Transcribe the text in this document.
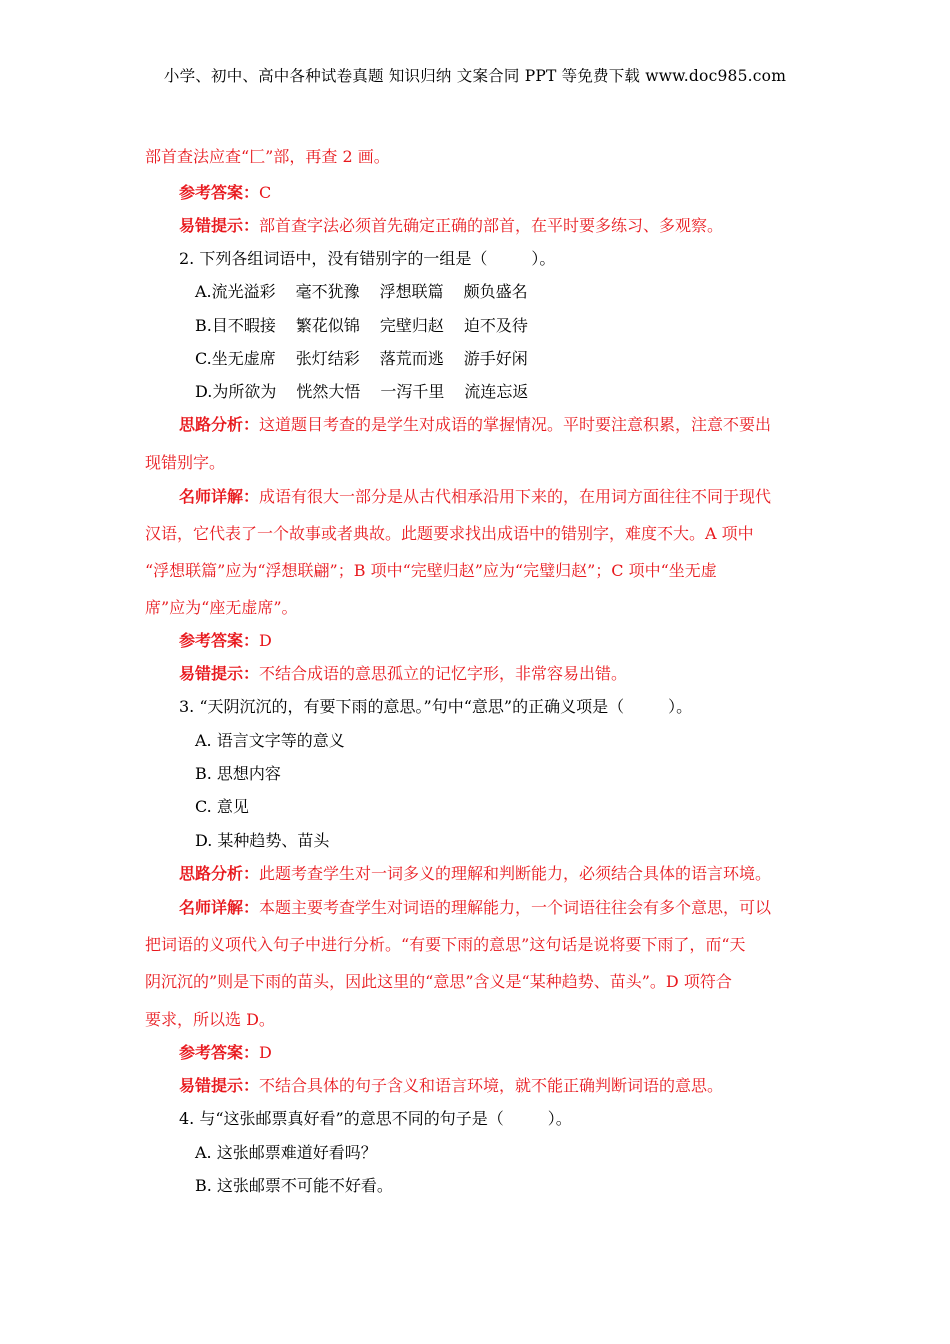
小学、初中、高中各种试卷真题 知识归纳 文案合同 PPT 等免费下载 www.doc985.com
部首查法应查“匚”部，再查 2 画。
参考答案：C
易错提示：部首查字法必须首先确定正确的部首，在平时要多练习、多观察。
2. 下列各组词语中，没有错别字的一组是（	）。
A.流光溢彩 毫不犹豫 浮想联篇 颇负盛名
B.目不暇接 繁花似锦 完壁归赵 迫不及待
C.坐无虚席 张灯结彩 落荒而逃 游手好闲
D.为所欲为 恍然大悟 一泻千里 流连忘返
思路分析：这道题目考查的是学生对成语的掌握情况。平时要注意积累，注意不要出
现错别字。
名师详解：成语有很大一部分是从古代相承沿用下来的，在用词方面往往不同于现代
汉语，它代表了一个故事或者典故。此题要求找出成语中的错别字，难度不大。A 项中
“浮想联篇”应为“浮想联翩”；B 项中“完壁归赵”应为“完璧归赵”；C 项中“坐无虚
席”应为“座无虚席”。
参考答案：D
易错提示：不结合成语的意思孤立的记忆字形，非常容易出错。
3. “天阴沉沉的，有要下雨的意思。”句中“意思”的正确义项是（	）。
A. 语言文字等的意义
B. 思想内容
C. 意见
D. 某种趋势、苗头
思路分析：此题考查学生对一词多义的理解和判断能力，必须结合具体的语言环境。
名师详解：本题主要考查学生对词语的理解能力，一个词语往往会有多个意思，可以
把词语的义项代入句子中进行分析。“有要下雨的意思”这句话是说将要下雨了，而“天
阴沉沉的”则是下雨的苗头，因此这里的“意思”含义是“某种趋势、苗头”。D 项符合
要求，所以选 D。
参考答案：D
易错提示：不结合具体的句子含义和语言环境，就不能正确判断词语的意思。
4. 与“这张邮票真好看”的意思不同的句子是（	）。
A. 这张邮票难道好看吗？
B. 这张邮票不可能不好看。
